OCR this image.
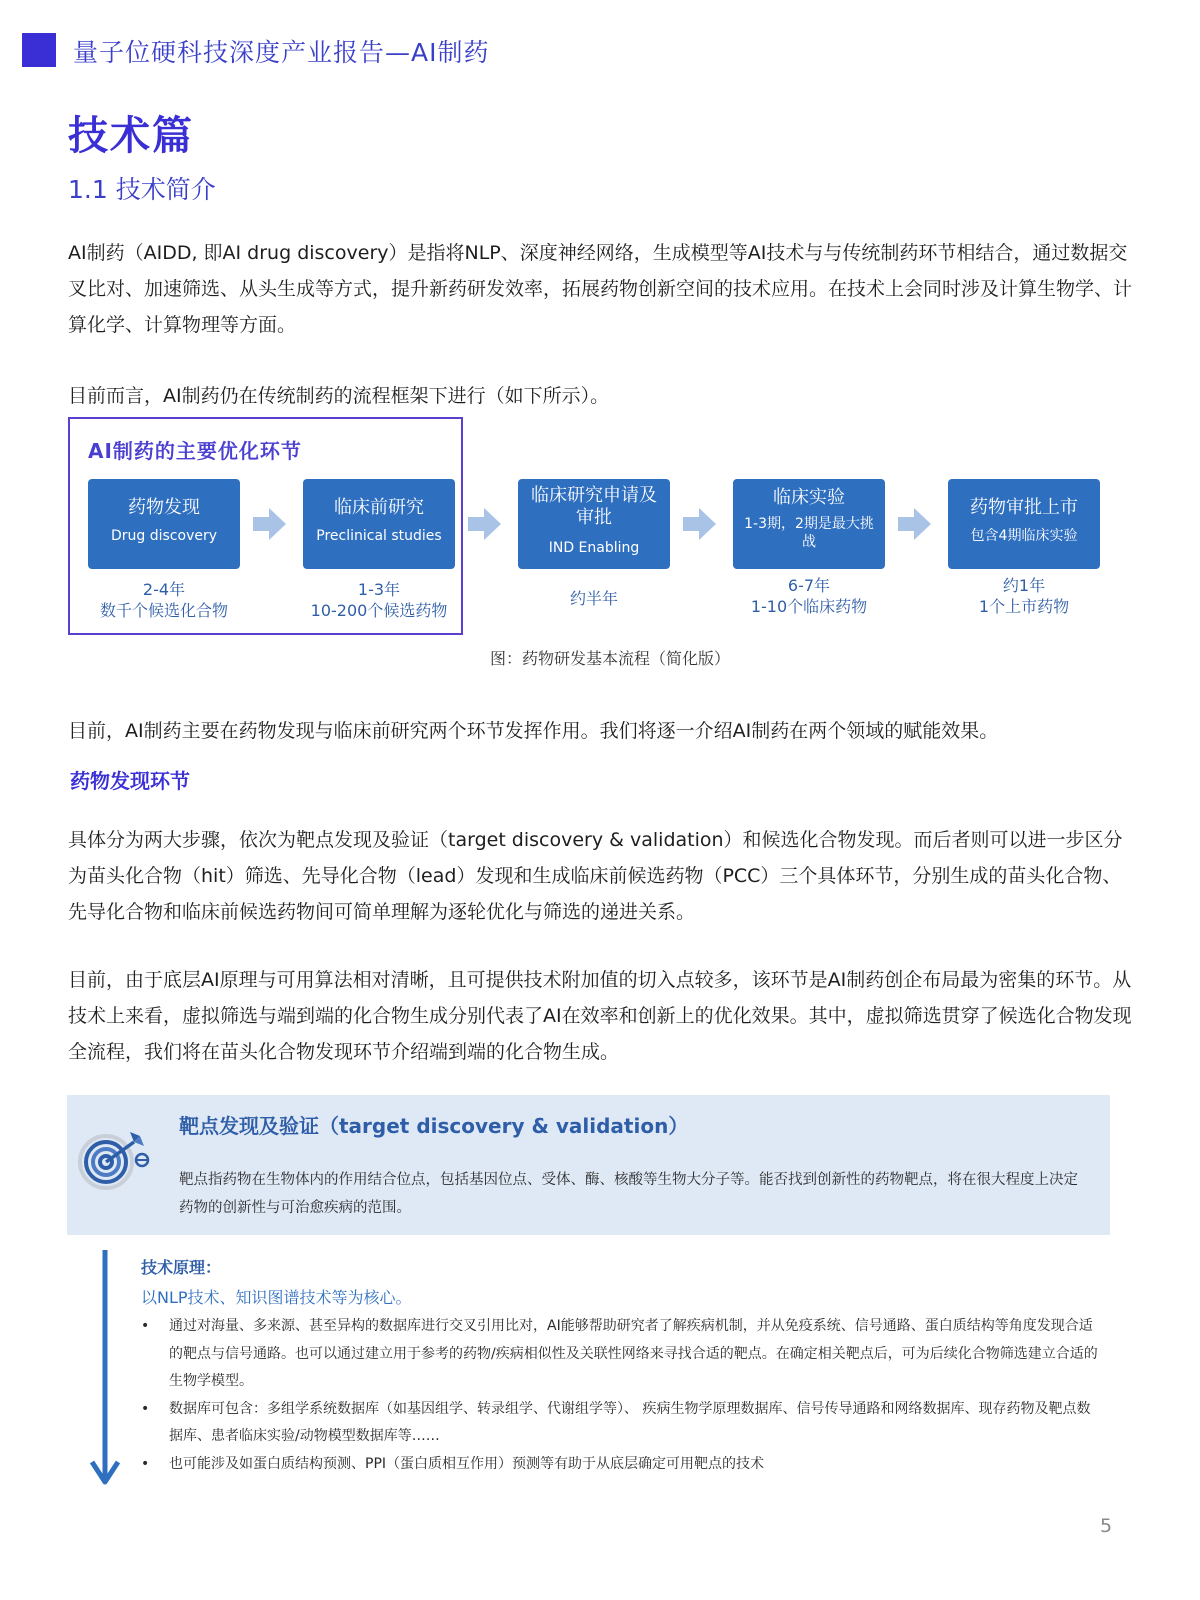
量子位硬科技深度产业报告—AI制药
技术篇
1.1 技术简介

AI制药（AIDD, 即AI drug discovery）是指将NLP、深度神经网络，生成模型等AI技术与与传统制药环节相结合，通过数据交叉比对、加速筛选、从头生成等方式，提升新药研发效率，拓展药物创新空间的技术应用。在技术上会同时涉及计算生物学、计算化学、计算物理等方面。

目前而言，AI制药仍在传统制药的流程框架下进行（如下所示）。

AI制药的主要优化环节
药物发现
Drug discovery
2-4年
数千个候选化合物
临床前研究
Preclinical studies
1-3年
10-200个候选药物
临床研究申请及审批
IND Enabling
约半年
临床实验
1-3期，2期是最大挑战
6-7年
1-10个临床药物
药物审批上市
包含4期临床实验
约1年
1个上市药物
图：药物研发基本流程（简化版）

目前，AI制药主要在药物发现与临床前研究两个环节发挥作用。我们将逐一介绍AI制药在两个领域的赋能效果。

药物发现环节

具体分为两大步骤，依次为靶点发现及验证（target discovery & validation）和候选化合物发现。而后者则可以进一步区分为苗头化合物（hit）筛选、先导化合物（lead）发现和生成临床前候选药物（PCC）三个具体环节，分别生成的苗头化合物、先导化合物和临床前候选药物间可简单理解为逐轮优化与筛选的递进关系。

目前，由于底层AI原理与可用算法相对清晰，且可提供技术附加值的切入点较多，该环节是AI制药创企布局最为密集的环节。从技术上来看，虚拟筛选与端到端的化合物生成分别代表了AI在效率和创新上的优化效果。其中，虚拟筛选贯穿了候选化合物发现全流程，我们将在苗头化合物发现环节介绍端到端的化合物生成。

靶点发现及验证（target discovery & validation）

靶点指药物在生物体内的作用结合位点，包括基因位点、受体、酶、核酸等生物大分子等。能否找到创新性的药物靶点，将在很大程度上决定药物的创新性与可治愈疾病的范围。

技术原理：
以NLP技术、知识图谱技术等为核心。
• 通过对海量、多来源、甚至异构的数据库进行交叉引用比对，AI能够帮助研究者了解疾病机制，并从免疫系统、信号通路、蛋白质结构等角度发现合适的靶点与信号通路。也可以通过建立用于参考的药物/疾病相似性及关联性网络来寻找合适的靶点。在确定相关靶点后，可为后续化合物筛选建立合适的生物学模型。
• 数据库可包含：多组学系统数据库（如基因组学、转录组学、代谢组学等）、 疾病生物学原理数据库、信号传导通路和网络数据库、现存药物及靶点数据库、患者临床实验/动物模型数据库等……
• 也可能涉及如蛋白质结构预测、PPI（蛋白质相互作用）预测等有助于从底层确定可用靶点的技术
5
